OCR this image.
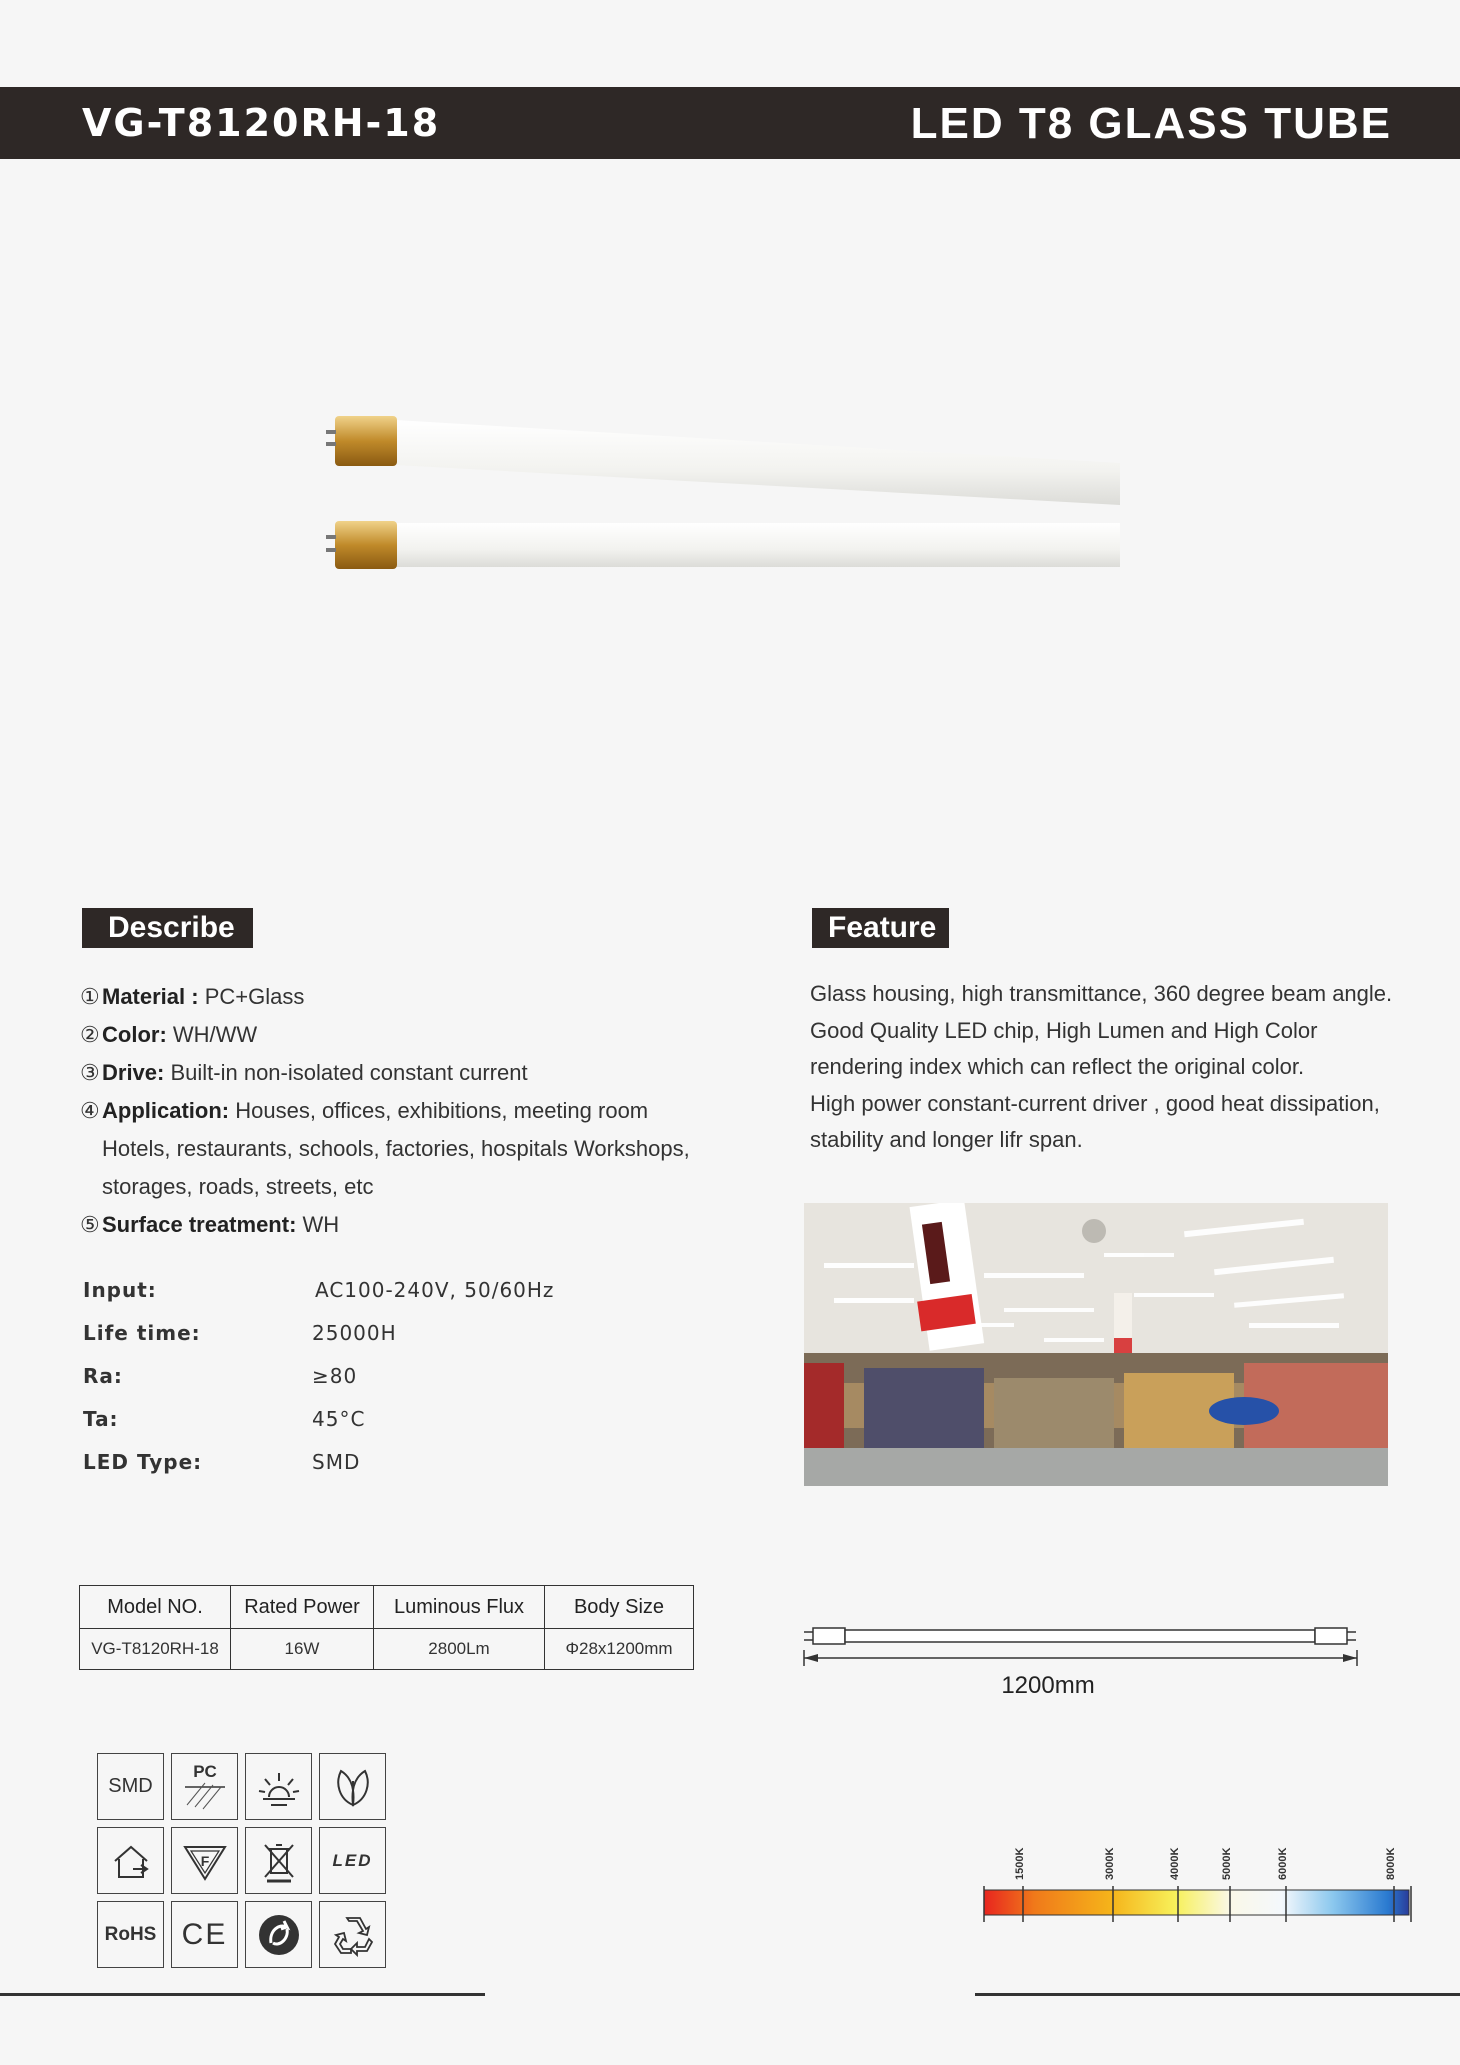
VG-T8120RH-18	LED T8 GLASS TUBE
Describe
① Material : PC+Glass
② Color: WH/WW
③ Drive: Built-in non-isolated constant current
④ Application: Houses, offices, exhibitions, meeting room
Hotels, restaurants, schools, factories, hospitals Workshops,
storages, roads, streets, etc
⑤ Surface treatment: WH
Feature
Glass housing, high transmittance, 360 degree beam angle.
Good Quality LED chip, High Lumen and High Color
rendering index which can reflect the original color.
High power constant-current driver , good heat dissipation,
stability and longer lifr span.
Input:	AC100-240V, 50/60Hz
Life time:	25000H
Ra:	≥80
Ta:	45°C
LED Type:	SMD
Model NO.	Rated Power	Luminous Flux	Body Size
VG-T8120RH-18	16W	2800Lm	Φ28x1200mm
1200mm
SMD
PC
F	LED
RoHS CE
1500K	3000K	4000K	5000K	6000K	8000K
